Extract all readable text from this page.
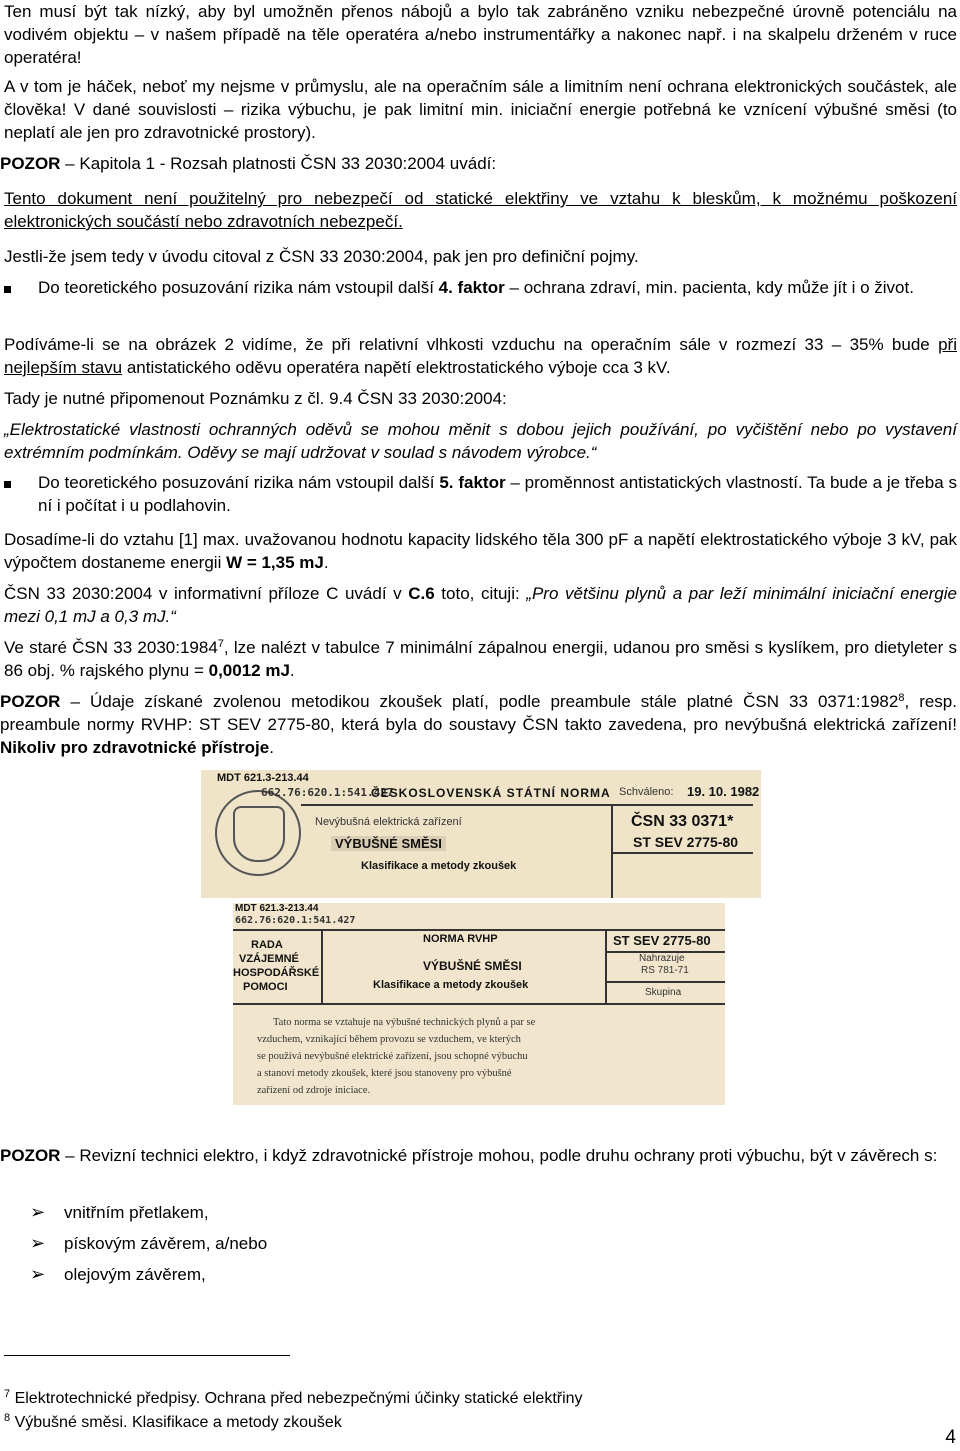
Ten musí být tak nízký, aby byl umožněn přenos nábojů a bylo tak zabráněno vzniku nebezpečné úrovně potenciálu na vodivém objektu – v našem případě na těle operatéra a/nebo instrumentářky a nakonec např. i na skalpelu drženém v ruce operatéra!

A v tom je háček, neboť my nejsme v průmyslu, ale na operačním sále a limitním není ochrana elektronických součástek, ale člověka! V dané souvislosti – rizika výbuchu, je pak limitní min. iniciační energie potřebná ke vznícení výbušné směsi (to neplatí ale jen pro zdravotnické prostory).

POZOR – Kapitola 1 - Rozsah platnosti ČSN 33 2030:2004 uvádí:

Tento dokument není použitelný pro nebezpečí od statické elektřiny ve vztahu k bleskům, k možnému poškození elektronických součástí nebo zdravotních nebezpečí.

Jestli-že jsem tedy v úvodu citoval z ČSN 33 2030:2004, pak jen pro definiční pojmy.

Do teoretického posuzování rizika nám vstoupil další 4. faktor – ochrana zdraví, min. pacienta, kdy může jít i o život.

Podíváme-li se na obrázek 2 vidíme, že při relativní vlhkosti vzduchu na operačním sále v rozmezí 33 – 35% bude při nejlepším stavu antistatického oděvu operatéra napětí elektrostatického výboje cca 3 kV.

Tady je nutné připomenout Poznámku z čl. 9.4 ČSN 33 2030:2004:

„Elektrostatické vlastnosti ochranných oděvů se mohou měnit s dobou jejich používání, po vyčištění nebo po vystavení extrémním podmínkám. Oděvy se mají udržovat v soulad s návodem výrobce.“

Do teoretického posuzování rizika nám vstoupil další 5. faktor – proměnnost antistatických vlastností. Ta bude a je třeba s ní i počítat i u podlahovin.

Dosadíme-li do vztahu [1] max. uvažovanou hodnotu kapacity lidského těla 300 pF a napětí elektrostatického výboje 3 kV, pak výpočtem dostaneme energii W = 1,35 mJ.

ČSN 33 2030:2004 v informativní příloze C uvádí v C.6 toto, cituji: „Pro většinu plynů a par leží minimální iniciační energie mezi 0,1 mJ a 0,3 mJ.“

Ve staré ČSN 33 2030:1984$^7$, lze nalézt v tabulce 7 minimální zápalnou energii, udanou pro směsi s kyslíkem, pro dietyleter s 86 obj. % rajského plynu = 0,0012 mJ.

POZOR – Údaje získané zvolenou metodikou zkoušek platí, podle preambule stále platné ČSN 33 0371:1982$^8$, resp. preambule normy RVHP: ST SEV 2775-80, která byla do soustavy ČSN takto zavedena, pro nevýbušná elektrická zařízení! Nikoliv pro zdravotnické přístroje.

MDT 621.3-213.44
662.76:620.1:541.427
ČESKOSLOVENSKÁ STÁTNÍ NORMA Schváleno: 19. 10. 1982
Nevýbušná elektrická zařízení
VÝBUŠNÉ SMĚSI
Klasifikace a metody zkoušek
ČSN 33 0371*
ST SEV 2775-80
MDT 621.3-213.44
662.76:620.1:541.427
RADA
VZÁJEMNÉ
HOSPODÁŘSKÉ
POMOCI
NORMA RVHP
VÝBUŠNÉ SMĚSI
Klasifikace a metody zkoušek
ST SEV 2775-80
Nahrazuje
RS 781-71
Skupina
Tato norma se vztahuje na výbušné technických plynů a par se
vzduchem, vznikající během provozu se vzduchem, ve kterých
se používá nevýbušné elektrické zařízení, jsou schopné výbuchu
a stanoví metody zkoušek, které jsou stanoveny pro výbušné
zařízení od zdroje iniciace.

POZOR – Revizní technici elektro, i když zdravotnické přístroje mohou, podle druhu ochrany proti výbuchu, být v závěrech s:

➢	vnitřním přetlakem,

➢	pískovým závěrem, a/nebo

➢	olejovým závěrem,

$^7$ Elektrotechnické předpisy. Ochrana před nebezpečnými účinky statické elektřiny

$^8$ Výbušné směsi. Klasifikace a metody zkoušek

4
